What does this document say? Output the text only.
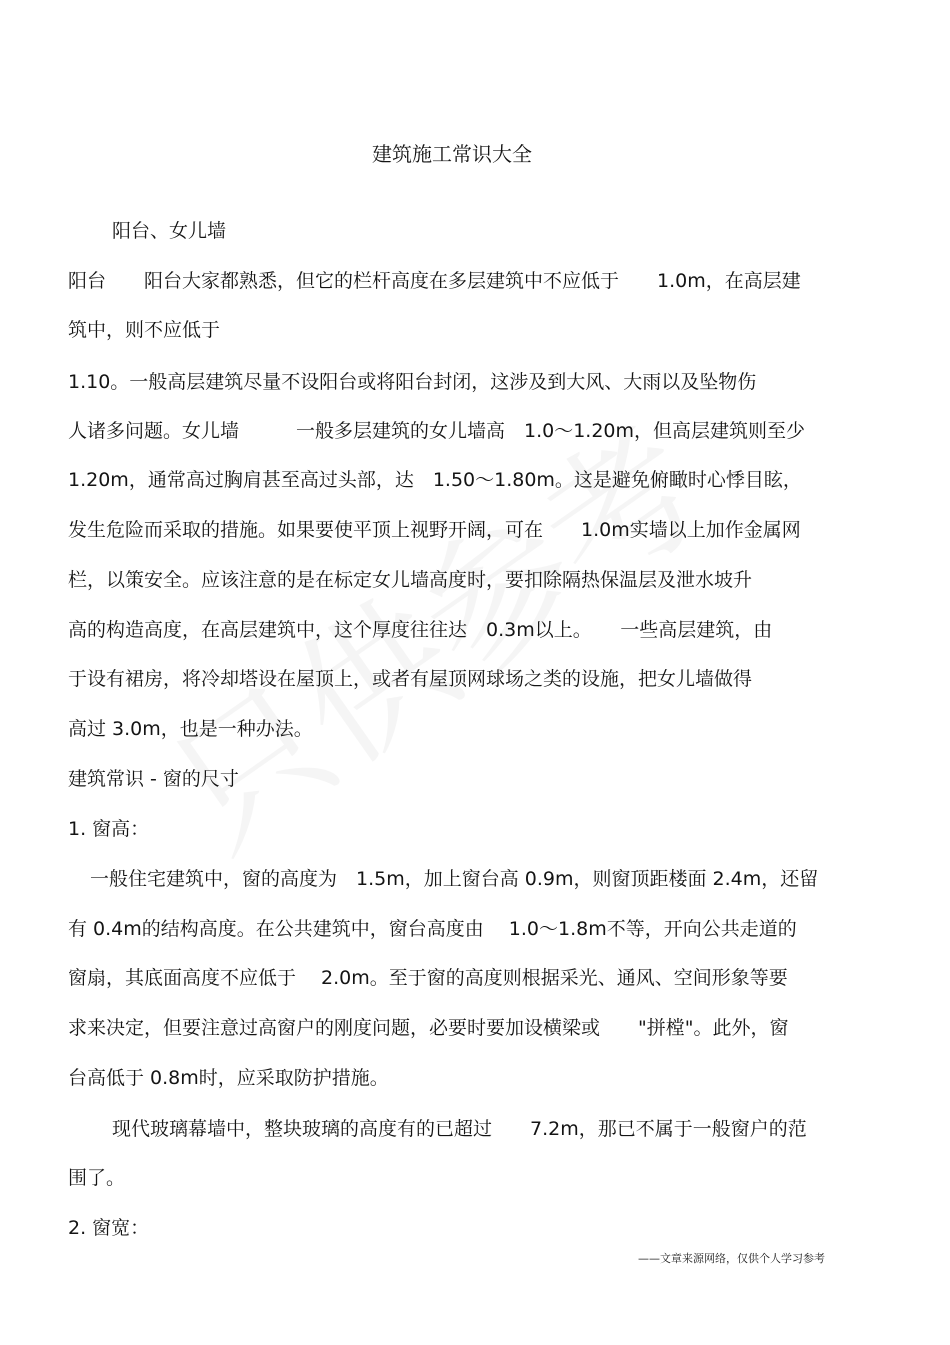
建筑施工常识大全
阳台、女儿墙
阳台　　阳台大家都熟悉，但它的栏杆高度在多层建筑中不应低于　　1.0m，在高层建
筑中，则不应低于
1.10。一般高层建筑尽量不设阳台或将阳台封闭，这涉及到大风、大雨以及坠物伤
人诸多问题。女儿墙　　　一般多层建筑的女儿墙高　1.0～1.20m，但高层建筑则至少
1.20m，通常高过胸肩甚至高过头部，达　1.50～1.80m。这是避免俯瞰时心悸目眩，
发生危险而采取的措施。如果要使平顶上视野开阔，可在　　1.0m实墙以上加作金属网
栏，以策安全。应该注意的是在标定女儿墙高度时，要扣除隔热保温层及泄水坡升
高的构造高度，在高层建筑中，这个厚度往往达　0.3m以上。　　一些高层建筑，由
于设有裙房，将冷却塔设在屋顶上，或者有屋顶网球场之类的设施，把女儿墙做得
高过 3.0m，也是一种办法。
建筑常识 - 窗的尺寸
1. 窗高：
一般住宅建筑中，窗的高度为　1.5m，加上窗台高 0.9m，则窗顶距楼面 2.4m，还留
有 0.4m的结构高度。在公共建筑中，窗台高度由　 1.0～1.8m不等，开向公共走道的
窗扇，其底面高度不应低于　 2.0m。至于窗的高度则根据采光、通风、空间形象等要
求来决定，但要注意过高窗户的刚度问题，必要时要加设横梁或　　"拼樘"。此外，窗
台高低于 0.8m时，应采取防护措施。
现代玻璃幕墙中，整块玻璃的高度有的已超过　　7.2m，那已不属于一般窗户的范
围了。
2. 窗宽：
——文章来源网络，仅供个人学习参考
